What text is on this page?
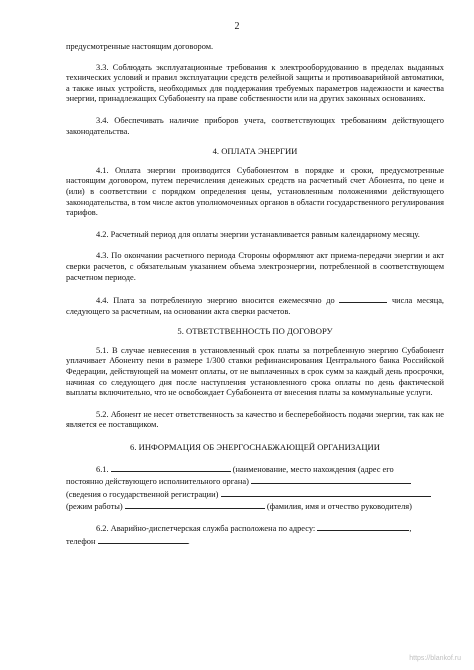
2

предусмотренные настоящим договором.

3.3. Соблюдать эксплуатационные требования к электрооборудованию в пределах выданных технических условий и правил эксплуатации средств релейной защиты и противоаварийной автоматики, а также иных устройств, необходимых для поддержания требуемых параметров надежности и качества энергии, принадлежащих Субабоненту на праве собственности или на других законных основаниях.

3.4. Обеспечивать наличие приборов учета, соответствующих требованиям действующего законодательства.

4. ОПЛАТА ЭНЕРГИИ

4.1. Оплата энергии производится Субабонентом в порядке и сроки, предусмотренные настоящим договором, путем перечисления денежных средств на расчетный счет Абонента, по цене и (или) в соответствии с порядком определения цены, установленным положениями действующего законодательства, в том числе актов уполномоченных органов в области государственного регулирования тарифов.

4.2. Расчетный период для оплаты энергии устанавливается равным календарному месяцу.

4.3. По окончании расчетного периода Стороны оформляют акт приема-передачи энергии и акт сверки расчетов, с обязательным указанием объема электроэнергии, потребленной в соответствующем расчетном периоде.

4.4. Плата за потребленную энергию вносится ежемесячно до	числа месяца, следующего за расчетным, на основании акта сверки расчетов.

5. ОТВЕТСТВЕННОСТЬ ПО ДОГОВОРУ

5.1. В случае невнесения в установленный срок платы за потребленную энергию Субабонент уплачивает Абоненту пени в размере 1/300 ставки рефинансирования Центрального банка Российской Федерации, действующей на момент оплаты, от не выплаченных в срок сумм за каждый день просрочки, начиная со следующего дня после наступления установленного срока оплаты по день фактической выплаты включительно, что не освобождает Субабонента от внесения платы за коммунальные услуги.

5.2. Абонент не несет ответственность за качество и бесперебойность подачи энергии, так как не является ее поставщиком.

6. ИНФОРМАЦИЯ ОБ ЭНЕРГОСНАБЖАЮЩЕЙ ОРГАНИЗАЦИИ

6.1.	(наименование, место нахождения (адрес его

постоянно действующего исполнительного органа)

(сведения о государственной регистрации)

(режим работы)	(фамилия, имя и отчество руководителя)

6.2. Аварийно-диспетчерская служба расположена по адресу:	,

телефон	.

https://blankof.ru
